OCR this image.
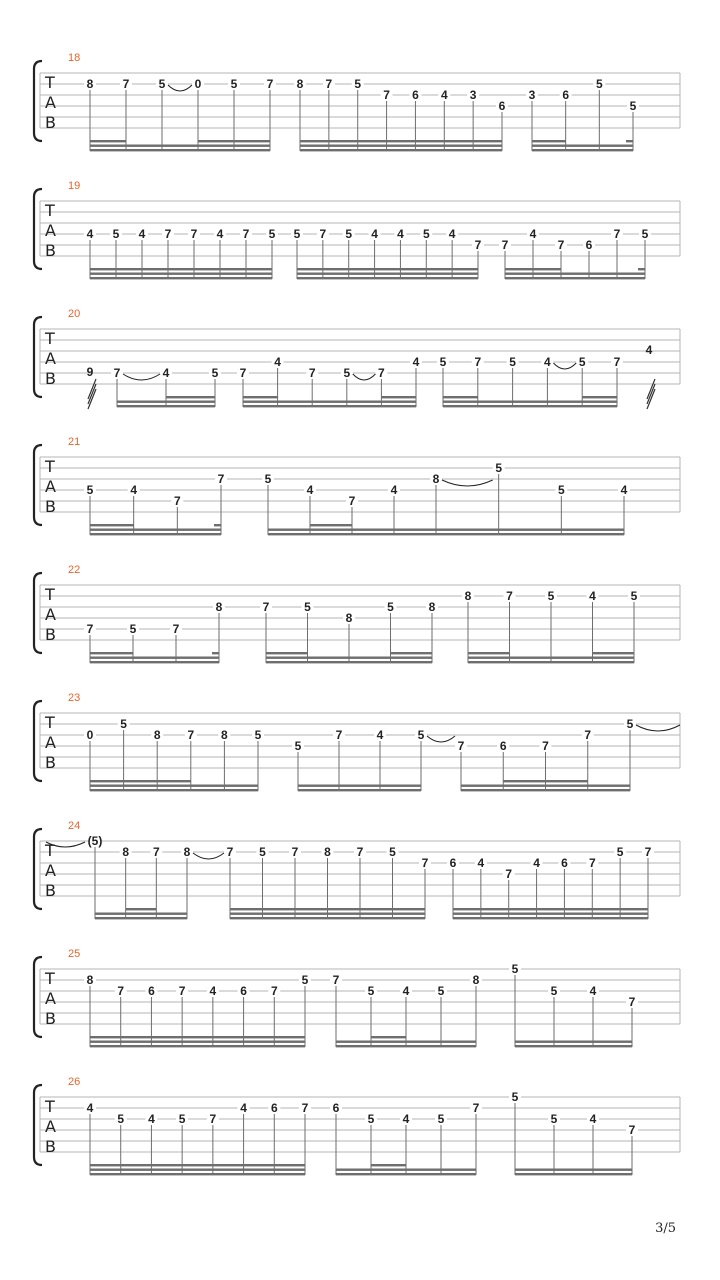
18
T
A
B
8 7 5 0 5 7 8 7 5
7 6 4 3
6
3 6
5
5
19
T
A
B
4 5 4 7 7 4 7 5 5 7 5 4 4 5 4
7 7
4
7 6
7 5
20
T
A
B	7	4	5 7
4
7 5 7
4 5 7 5 4 5 7
9
4
21
T
A
B
5	4
7
7	5
4
7
4
8
5
5	4
22
T
A
B	7	5	7
8	7	5
8
5	8
8	7	5	4	5
23
T
A
B
0
5
8 7 8 5
5
7	4	5
7	6	7
7
5
24
T
A
B
(5)
8 7 8	7 5 7 8 7 5
7 6 4
7
4 6 7
5 7
25
T
A
B
8
7 6 7 4 6 7
5 7
5 4 5
8
5
5	4
7
26
T
A
B
4
5 4 5 7
4 6 7 6
5 4 5
7
5
5	4
7
3/5
